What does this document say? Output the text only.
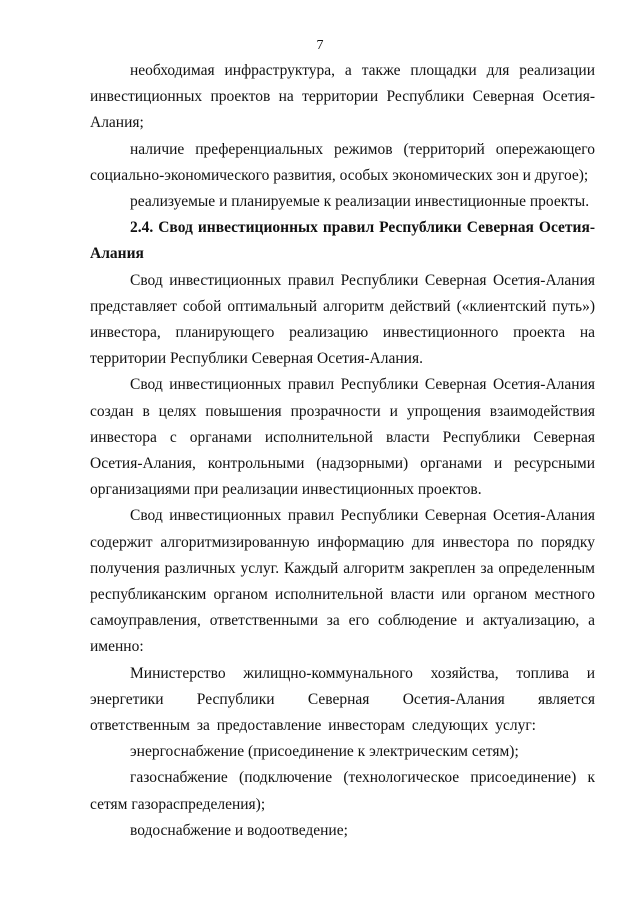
7

необходимая инфраструктура, а также площадки для реализации инвестиционных проектов на территории Республики Северная Осетия-Алания;

наличие преференциальных режимов (территорий опережающего социально-экономического развития, особых экономических зон и другое);

реализуемые и планируемые к реализации инвестиционные проекты.

2.4. Свод инвестиционных правил Республики Северная Осетия-Алания

Свод инвестиционных правил Республики Северная Осетия-Алания представляет собой оптимальный алгоритм действий («клиентский путь») инвестора, планирующего реализацию инвестиционного проекта на территории Республики Северная Осетия-Алания.

Свод инвестиционных правил Республики Северная Осетия-Алания создан в целях повышения прозрачности и упрощения взаимодействия инвестора с органами исполнительной власти Республики Северная Осетия-Алания, контрольными (надзорными) органами и ресурсными организациями при реализации инвестиционных проектов.

Свод инвестиционных правил Республики Северная Осетия-Алания содержит алгоритмизированную информацию для инвестора по порядку получения различных услуг. Каждый алгоритм закреплен за определенным республиканским органом исполнительной власти или органом местного самоуправления, ответственными за его соблюдение и актуализацию, а именно:

Министерство жилищно-коммунального хозяйства, топлива и энергетики Республики Северная Осетия-Алания является ответственным за предоставление инвесторам следующих услуг:

энергоснабжение (присоединение к электрическим сетям);

газоснабжение (подключение (технологическое присоединение) к сетям газораспределения);

водоснабжение и водоотведение;
